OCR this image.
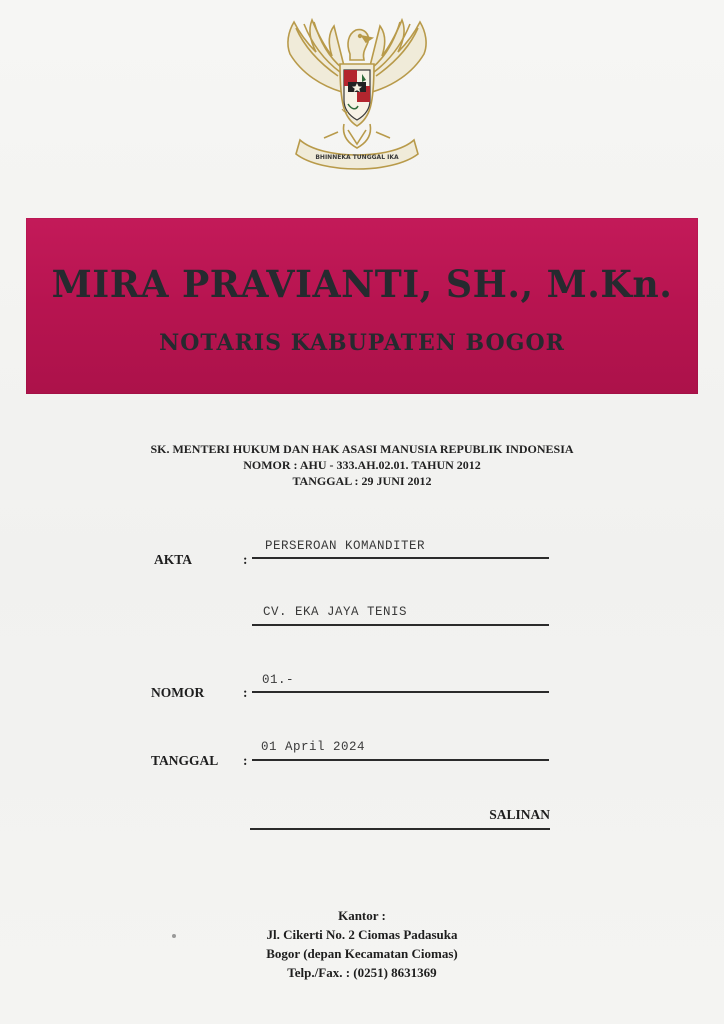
BHINNEKA TUNGGAL IKA
MIRA PRAVIANTI, SH., M.Kn.
NOTARIS KABUPATEN BOGOR
SK. MENTERI HUKUM DAN HAK ASASI MANUSIA REPUBLIK INDONESIA
NOMOR : AHU - 333.AH.02.01. TAHUN 2012
TANGGAL : 29 JUNI 2012
AKTA	:
PERSEROAN KOMANDITER
CV. EKA JAYA TENIS
NOMOR	:
01.-
TANGGAL :
01 April 2024
SALINAN
Kantor :
Jl. Cikerti No. 2 Ciomas Padasuka
Bogor (depan Kecamatan Ciomas)
Telp./Fax. : (0251) 8631369
